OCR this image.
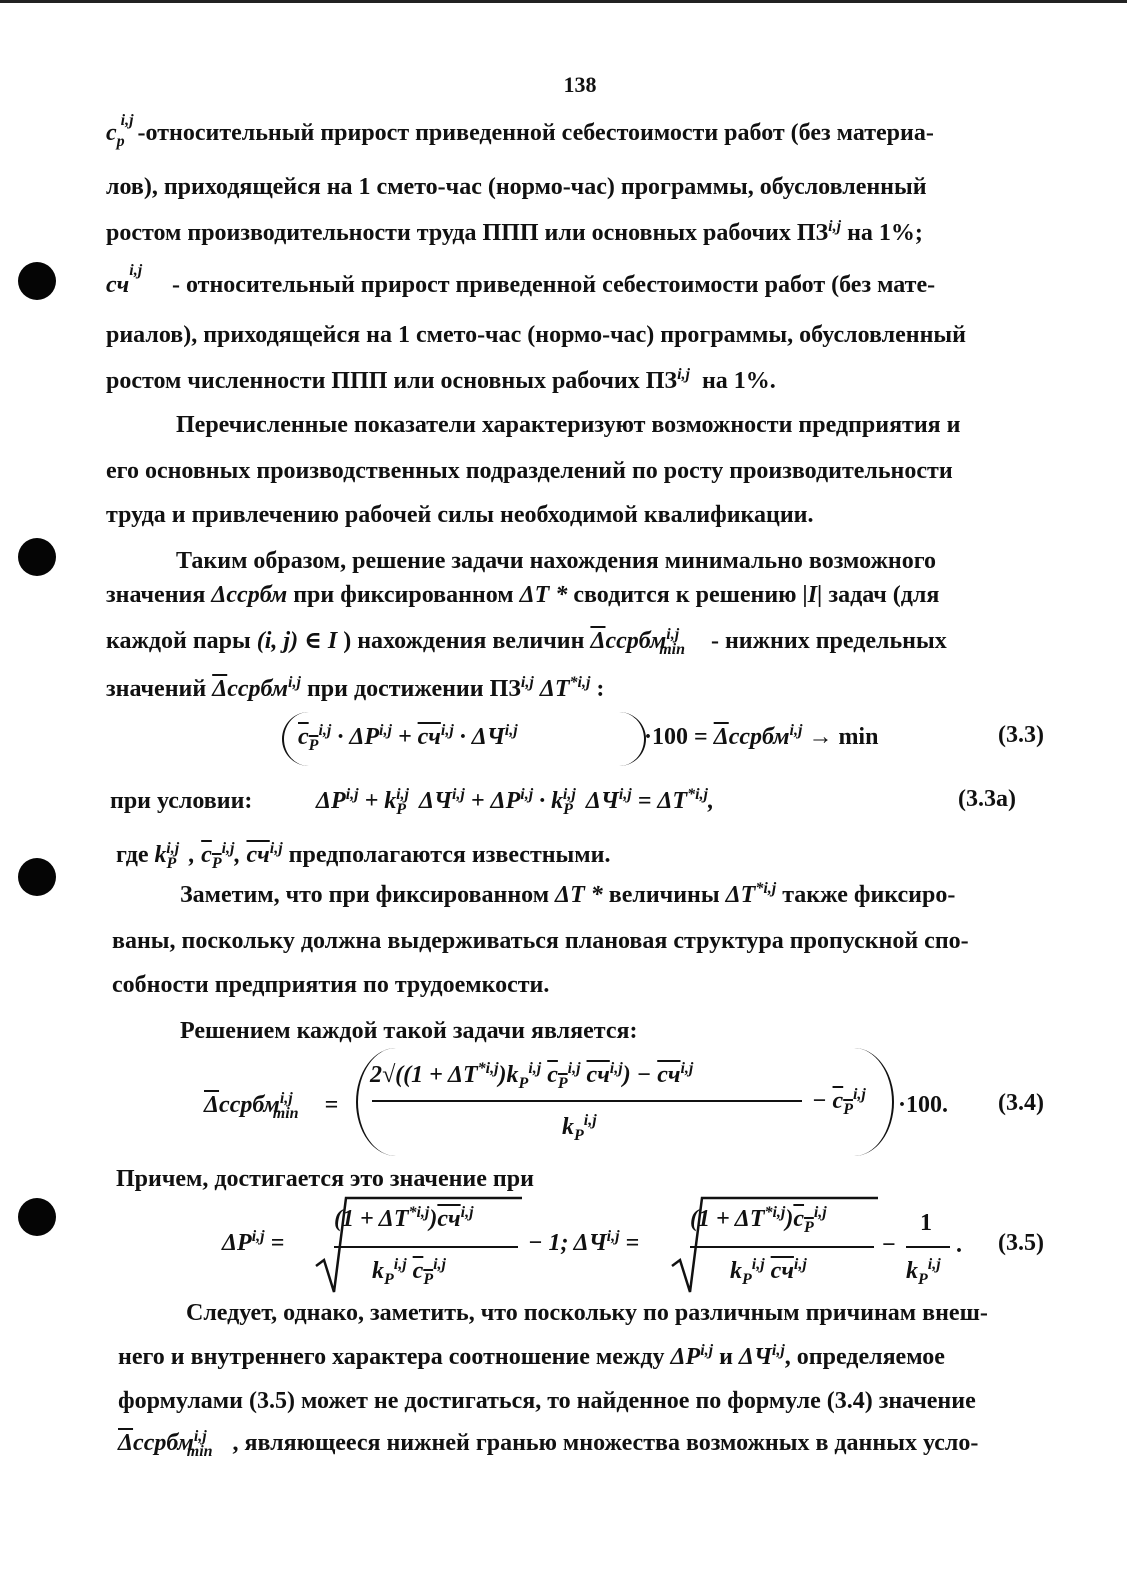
138
$c_p^{i,j}$ -относительный прирост приведенной себестоимости работ (без материа-
лов), приходящейся на 1 смето-час (нормо-час) программы, обусловленный
ростом производительности труда ППП или основных рабочих ПЗ$^{i,j}$ на 1%;
cч$^{i,j}$- относительный прирост приведенной себестоимости работ (без мате-
риалов), приходящейся на 1 смето-час (нормо-час) программы, обусловленный
ростом численности ППП или основных рабочих ПЗ$^{i,j}$ на 1%.
Перечисленные показатели характеризуют возможности предприятия и
его основных производственных подразделений по росту производительности
труда и привлечению рабочей силы необходимой квалификации.
Таким образом, решение задачи нахождения минимально возможного
значения Δссрбм при фиксированном ΔT * сводится к решению |I| задач (для
каждой пары (i, j) ∈ I ) нахождения величин $\overline{\Delta}ссрбм^{i,j}_{min}$ - нижних предельных
значений $\overline{\Delta}ссрбм^{i,j}$ при достижении ПЗ$^{i,j}$ ΔT$^{*i,j}$ :
$c_P^{i,j} \cdot \Delta P^{i,j} + cч^{i,j} \cdot \Delta Ч^{i,j}$	$\cdot 100 = \overline{\Delta}ссрбм^{i,j} \to \min$	(3.3)
при условии:	$\Delta P^{i,j} + k_P^{i,j}$ $\Delta Ч^{i,j} + \Delta P^{i,j} \cdot k_P^{i,j}$ ΔЧ$^{i,j}$ = ΔT$^{*i,j}$,	(3.3a)
где $k_P^{i,j}$ , $c_P^{i,j}$, cч$^{i,j}$ предполагаются известными.
Заметим, что при фиксированном ΔT * величины ΔT$^{*i,j}$ также фиксиро-
ваны, поскольку должна выдерживаться плановая структура пропускной спо-
собности предприятия по трудоемкости.
Решением каждой такой задачи является:
$\overline{\Delta}ссрбм^{i,j}_{min}$ =
$2√((1 + \Delta T^{*i,j})k_P^{i,j}$ $c_P^{i,j}$ cч$^{i,j}$) − cч$^{i,j}$
$k_P^{i,j}$
− $c_P^{i,j} \cdot 100$. (3.4)
Причем, достигается это значение при
ΔP$^{i,j}$ =
(1 + ΔT$^{*i,j}$)cч$^{i,j}$
$k_P^{i,j}$ $c_P^{i,j}$
− 1; ΔЧ$^{i,j}$ =
$(1 + \Delta T^{*i,j})c_P^{i,j}$
$k_P^{i,j}$ cч$^{i,j}$
−
1
$k_P^{i,j}$
. (3.5)
Следует, однако, заметить, что поскольку по различным причинам внеш-
него и внутреннего характера соотношение между ΔP$^{i,j}$ и ΔЧ$^{i,j}$, определяемое
формулами (3.5) может не достигаться, то найденное по формуле (3.4) значение
$\overline{\Delta}ссрбм^{i,j}_{min}$ , являющееся нижней гранью множества возможных в данных усло-
